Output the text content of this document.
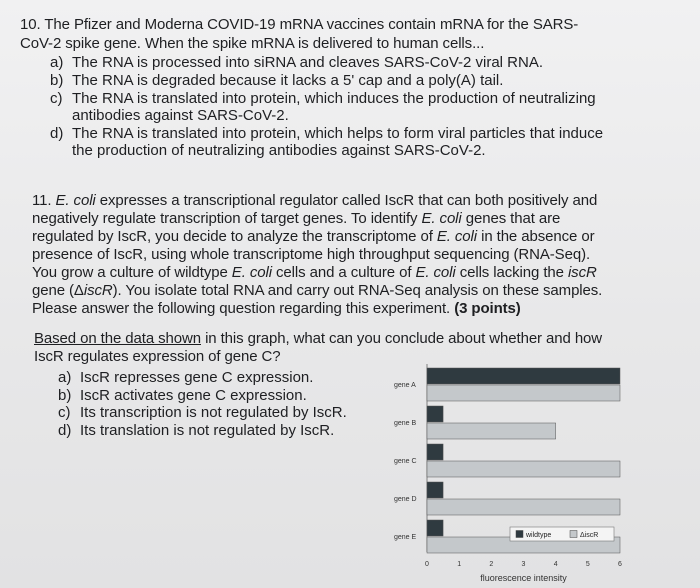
10. The Pfizer and Moderna COVID-19 mRNA vaccines contain mRNA for the SARS-
CoV-2 spike gene. When the spike mRNA is delivered to human cells...
a) The RNA is processed into siRNA and cleaves SARS-CoV-2 viral RNA.
b) The RNA is degraded because it lacks a 5' cap and a poly(A) tail.
c) The RNA is translated into protein, which induces the production of neutralizing
antibodies against SARS-CoV-2.
d) The RNA is translated into protein, which helps to form viral particles that induce
the production of neutralizing antibodies against SARS-CoV-2.
11. E. coli expresses a transcriptional regulator called IscR that can both positively and
negatively regulate transcription of target genes. To identify E. coli genes that are
regulated by IscR, you decide to analyze the transcriptome of E. coli in the absence or
presence of IscR, using whole transcriptome high throughput sequencing (RNA-Seq).
You grow a culture of wildtype E. coli cells and a culture of E. coli cells lacking the iscR
gene (ΔiscR). You isolate total RNA and carry out RNA-Seq analysis on these samples.
Please answer the following question regarding this experiment. (3 points)
Based on the data shown in this graph, what can you conclude about whether and how
IscR regulates expression of gene C?
a) IscR represses gene C expression.
b) IscR activates gene C expression.
c) Its transcription is not regulated by IscR.
d) Its translation is not regulated by IscR.
gene A
gene B
gene C
gene D
gene E
0	1	2	3	4	5	6
fluorescence intensity
wildtype	ΔiscR
